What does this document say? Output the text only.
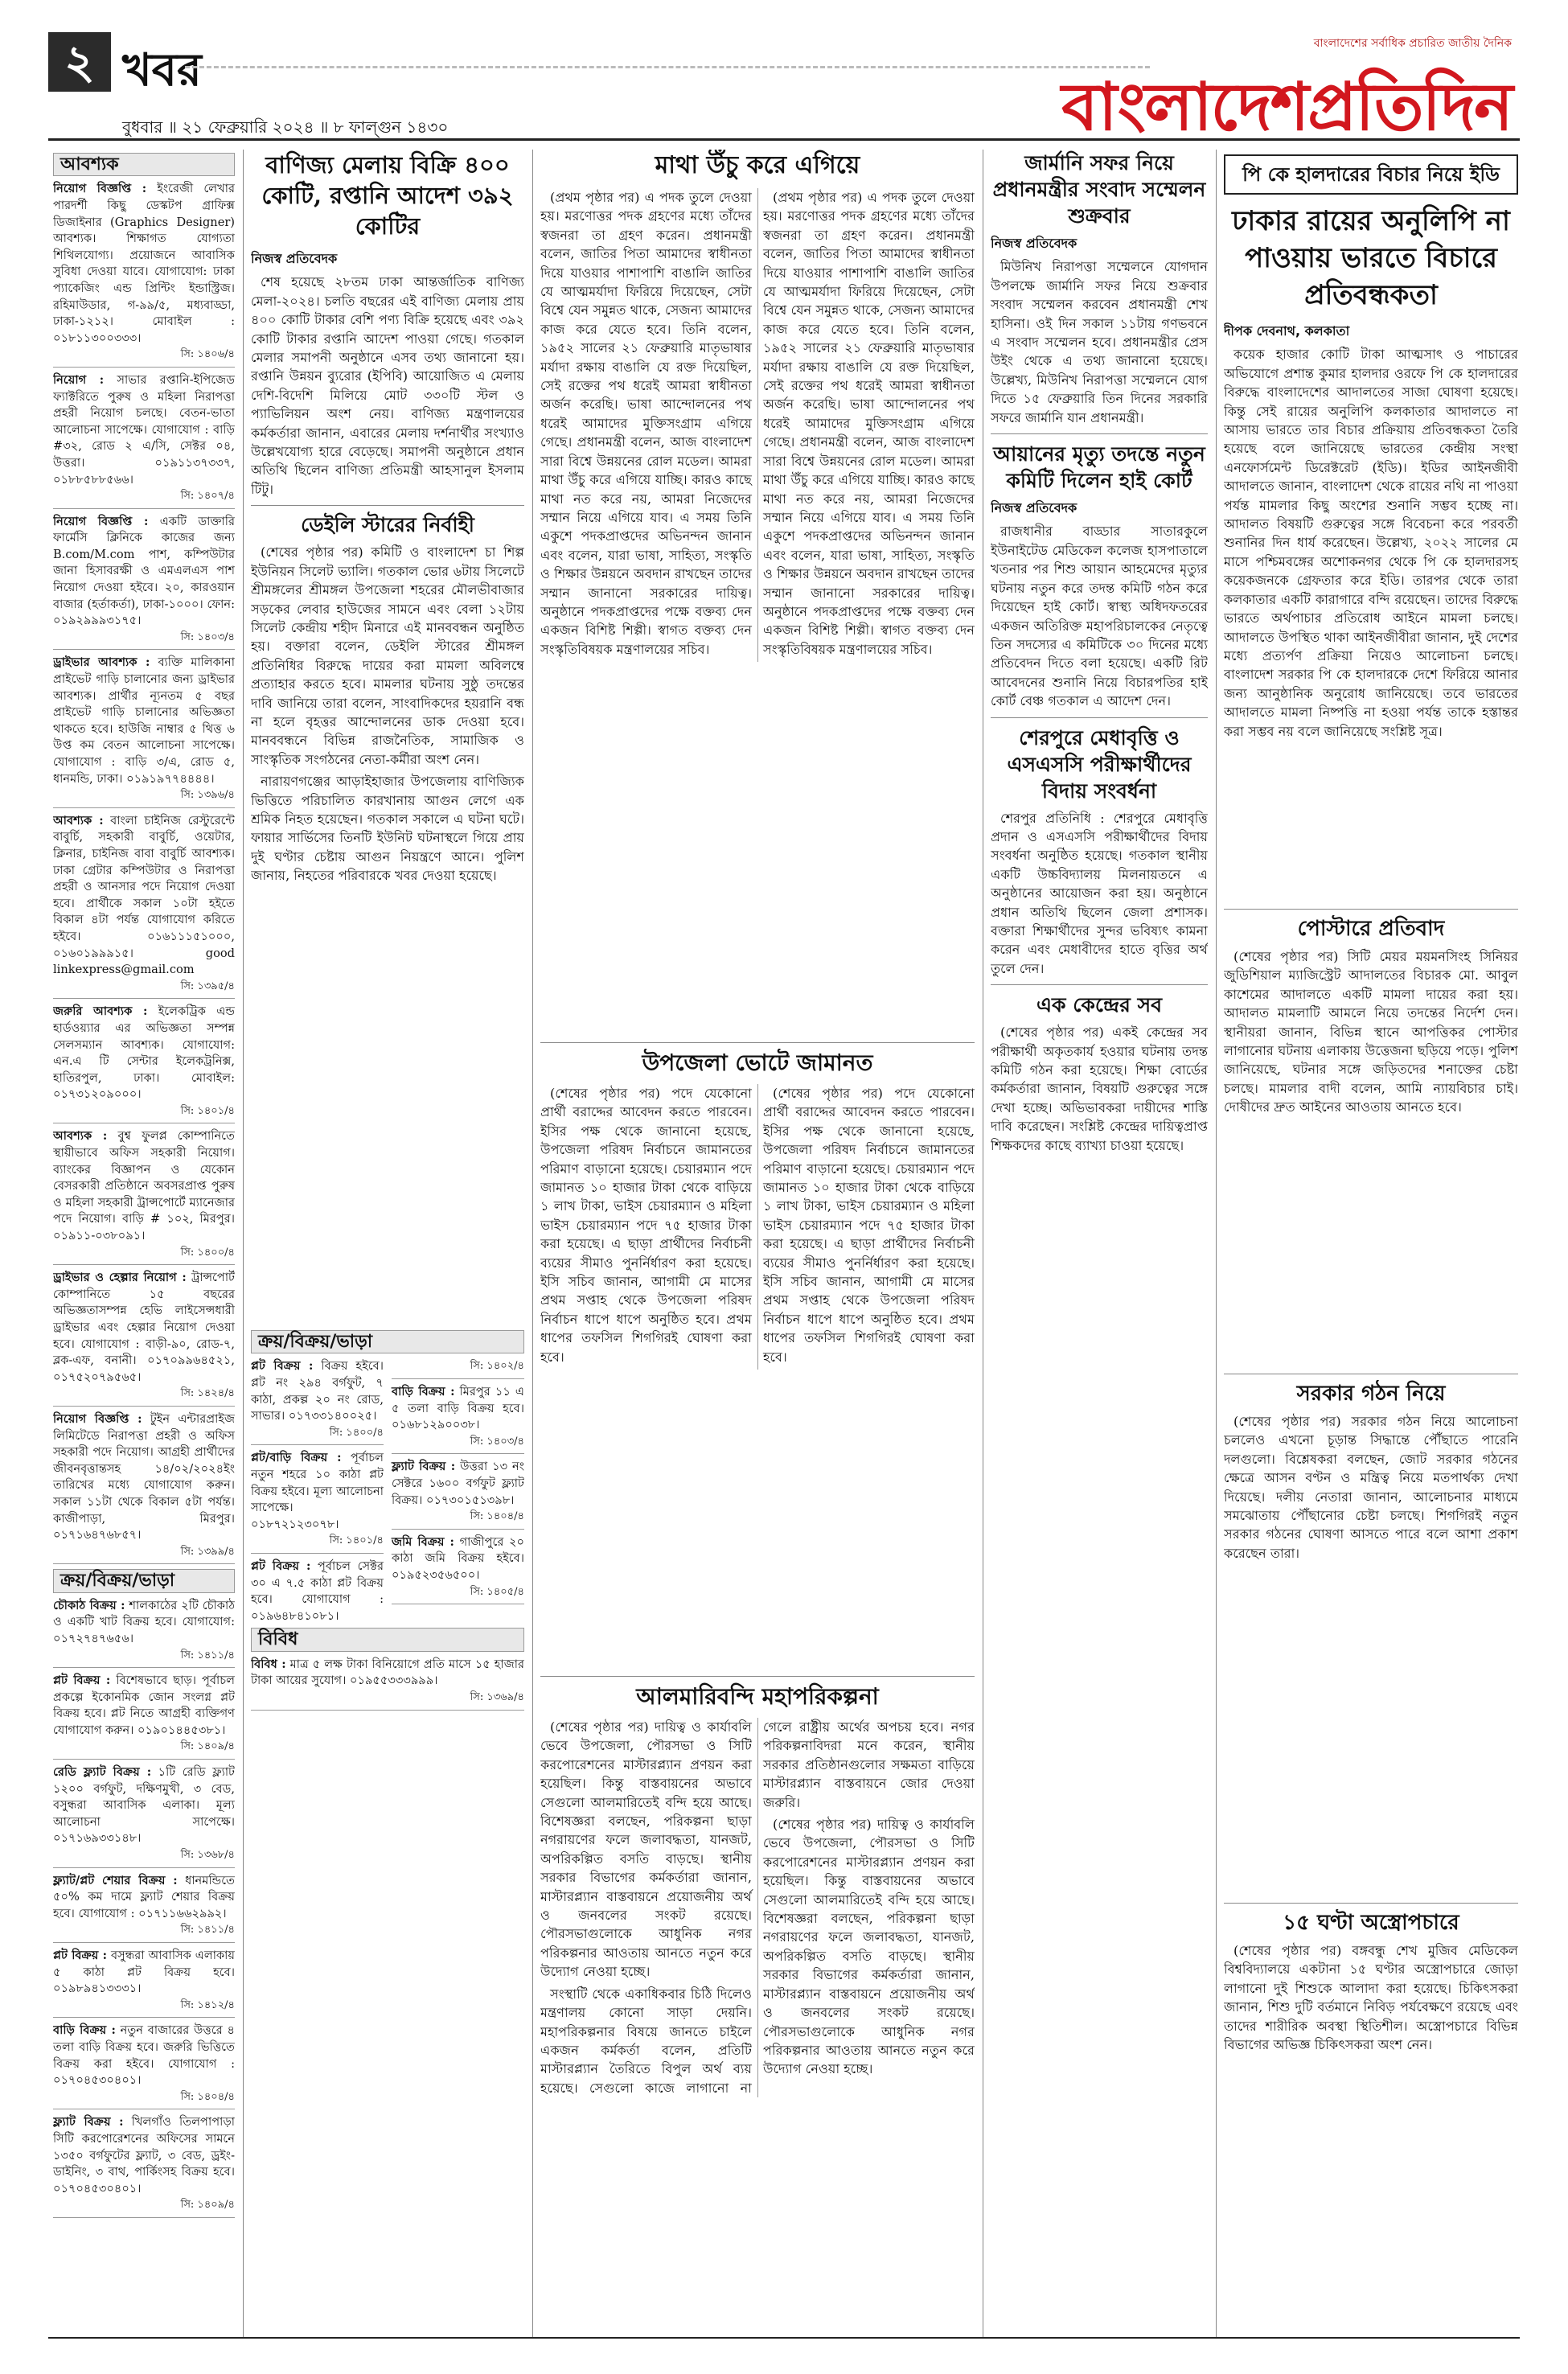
২ খবর
বুধবার ॥ ২১ ফেব্রুয়ারি ২০২৪ ॥ ৮ ফাল্গুন ১৪৩০
বাংলাদেশের সর্বাধিক প্রচারিত জাতীয় দৈনিক
বাংলাদেশপ্রতিদিন
আবশ্যক
নিয়োগ বিজ্ঞপ্তি : ইংরেজী লেখার পারদর্শী কিছু ডেস্কটপ গ্রাফিক্স ডিজাইনার (Graphics Designer) আবশ্যক। শিক্ষাগত যোগ্যতা শিথিলযোগ্য। প্রয়োজনে আবাসিক সুবিধা দেওয়া যাবে। যোগাযোগ: ঢাকা প্যাকেজিং এন্ড প্রিন্টিং ইন্ডাস্ট্রিজ। রহিমাউডার, গ-৯৯/৫, মধ্যবাড্ডা, ঢাকা-১২১২। মোবাইল : ০১৮১১৩০০৩৩৩।
সি: ১৪০৬/৪
নিয়োগ : সাভার রপ্তানি-ইপিজেড ফ্যাক্টরিতে পুরুষ ও মহিলা নিরাপত্তা প্রহরী নিয়োগ চলছে। বেতন-ভাতা আলোচনা সাপেক্ষে। যোগাযোগ : বাড়ি #৩২, রোড ২ এ/সি, সেক্টর ০৪, উত্তরা। ০১৯১১৩৭৩৩৭, ০১৮৮৫৮৮৫৬৬।
সি: ১৪০৭/৪
নিয়োগ বিজ্ঞপ্তি : একটি ডাক্তারি ফার্মেসি ক্লিনিকে কাজের জন্য B.com/M.com পাশ, কম্পিউটার জানা হিসাবরক্ষী ও এমএলএস পাশ নিয়োগ দেওয়া হইবে। ২০, কারওয়ান বাজার (হর্তাকর্তা), ঢাকা-১০০০। ফোন: ০১৯২৯৯৯৩১৭৫।
সি: ১৪০৩/৪
ড্রাইভার আবশ্যক : ব্যক্তি মালিকানা প্রাইভেট গাড়ি চালানোর জন্য ড্রাইভার আবশ্যক। প্রার্থীর ন্যূনতম ৫ বছর প্রাইভেট গাড়ি চালানোর অভিজ্ঞতা থাকতে হবে। হাউজি নাম্বার ৫ থিত্ত ৬ উপ্ত কম বেতন আলোচনা সাপেক্ষে। যোগাযোগ : বাড়ি ৩/এ, রোড ৫, ধানমন্ডি, ঢাকা। ০১৯১৯৭৭৪৪৪৪।
সি: ১৩৯৬/৪
আবশ্যক : বাংলা চাইনিজ রেস্টুরেন্টে বাবুর্চি, সহকারী বাবুর্চি, ওয়েটার, ক্লিনার, চাইনিজ বাবা বাবুর্চি আবশ্যক। ঢাকা গ্রেটার কম্পিউটার ও নিরাপত্তা প্রহরী ও আনসার পদে নিয়োগ দেওয়া হবে। প্রার্থীকে সকাল ১০টা হইতে বিকাল ৪টা পর্যন্ত যোগাযোগ করিতে হইবে। ০১৬১১১৫১০০০, ০১৬০১৯৯৯১৫। good linkexpress@gmail.com
সি: ১৩৯৫/৪
জরুরি আবশ্যক : ইলেকট্রিক এন্ড হার্ডওয়্যার এর অভিজ্ঞতা সম্পন্ন সেলসম্যান আবশ্যক। যোগাযোগ: এন.এ টি সেন্টার ইলেকট্রনিক্স, হাতিরপুল, ঢাকা। মোবাইল: ০১৭৩১২০৯০০০।
সি: ১৪০১/৪
আবশ্যক : বুশ্ব ফুলপ্ল কোম্পানিতে স্থায়ীভাবে অফিস সহকারী নিয়োগ। ব্যাংকের বিজ্ঞাপন ও যেকোন বেসরকারী প্রতিষ্ঠানে অবসরপ্রাপ্ত পুরুষ ও মহিলা সহকারী ট্রান্সপোর্টে ম্যানেজার পদে নিয়োগ। বাড়ি # ১০২, মিরপুর। ০১৯১১-০৩৮০৯১।
সি: ১৪০০/৪
ড্রাইভার ও হেল্পার নিয়োগ : ট্রান্সপোর্ট কোম্পানিতে ১৫ বছরের অভিজ্ঞতাসম্পন্ন হেভি লাইসেন্সধারী ড্রাইভার এবং হেল্পার নিয়োগ দেওয়া হবে। যোগাযোগ : বাড়ী-৯০, রোড-৭, ব্লক-এফ, বনানী। ০১৭০৯৯৬৪৫২১, ০১৭৫২০৭৯৫৬৫।
সি: ১৪২৪/৪
নিয়োগ বিজ্ঞপ্তি : টুইন এন্টারপ্রাইজ লিমিটেডে নিরাপত্তা প্রহরী ও অফিস সহকারী পদে নিয়োগ। আগ্রহী প্রার্থীদের জীবনবৃত্তান্তসহ ১৪/০২/২০২৪ইং তারিখের মধ্যে যোগাযোগ করুন। সকাল ১১টা থেকে বিকাল ৫টা পর্যন্ত। কাজীপাড়া, মিরপুর। ০১৭১৬৪৭৬৮৫৭।
সি: ১৩৯৯/৪
ক্রয়/বিক্রয়/ভাড়া
চৌকাঠ বিক্রয় : শালকাঠের ২টি চৌকাঠ ও একটি খাট বিক্রয় হবে। যোগাযোগ: ০১৭২৭৪৭৬৫৬।
সি: ১৪১১/৪
প্লট বিক্রয় : বিশেষভাবে ছাড়। পূর্বাচল প্রকল্পে ইকোনমিক জোন সংলগ্ন প্লট বিক্রয় হবে। প্লট নিতে আগ্রহী ব্যক্তিগণ যোগাযোগ করুন। ০১৯০১৪৪৫৩৮১।
সি: ১৪০৯/৪
রেডি ফ্ল্যাট বিক্রয় : ১টি রেডি ফ্ল্যাট ১২০০ বর্গফুট, দক্ষিণমুখী, ৩ বেড, বসুন্ধরা আবাসিক এলাকা। মূল্য আলোচনা সাপেক্ষে। ০১৭১৬৯৩৩১৪৮।
সি: ১৩৬৮/৪
ফ্ল্যাট/প্লট শেয়ার বিক্রয় : ধানমন্ডিতে ৫০% কম দামে ফ্ল্যাট শেয়ার বিক্রয় হবে। যোগাযোগ : ০১৭১১৬৬২৯৯২।
সি: ১৪১১/৪
প্লট বিক্রয় : বসুন্ধরা আবাসিক এলাকায় ৫ কাঠা প্লট বিক্রয় হবে। ০১৯৮৯৪১৩৩৩১।
সি: ১৪১২/৪
বাড়ি বিক্রয় : নতুন বাজারের উত্তরে ৪ তলা বাড়ি বিক্রয় হবে। জরুরি ভিত্তিতে বিক্রয় করা হইবে। যোগাযোগ : ০১৭০৪৫৩০৪০১।
সি: ১৪০৪/৪
ফ্ল্যাট বিক্রয় : খিলগাঁও তিলপাপাড়া সিটি করপোরেশনের অফিসের সামনে ১৩৫০ বর্গফুটের ফ্ল্যাট, ৩ বেড, ড্রইং-ডাইনিং, ৩ বাথ, পার্কিংসহ বিক্রয় হবে। ০১৭০৪৫৩০৪০১।
সি: ১৪০৯/৪
বাণিজ্য মেলায় বিক্রি ৪০০ কোটি, রপ্তানি আদেশ ৩৯২ কোটির
নিজস্ব প্রতিবেদক

শেষ হয়েছে ২৮তম ঢাকা আন্তর্জাতিক বাণিজ্য মেলা-২০২৪। চলতি বছরের এই বাণিজ্য মেলায় প্রায় ৪০০ কোটি টাকার বেশি পণ্য বিক্রি হয়েছে এবং ৩৯২ কোটি টাকার রপ্তানি আদেশ পাওয়া গেছে। গতকাল মেলার সমাপনী অনুষ্ঠানে এসব তথ্য জানানো হয়। রপ্তানি উন্নয়ন ব্যুরোর (ইপিবি) আয়োজিত এ মেলায় দেশি-বিদেশি মিলিয়ে মোট ৩৩০টি স্টল ও প্যাভিলিয়ন অংশ নেয়। বাণিজ্য মন্ত্রণালয়ের কর্মকর্তারা জানান, এবারের মেলায় দর্শনার্থীর সংখ্যাও উল্লেখযোগ্য হারে বেড়েছে। সমাপনী অনুষ্ঠানে প্রধান অতিথি ছিলেন বাণিজ্য প্রতিমন্ত্রী আহসানুল ইসলাম টিটু।

ডেইলি স্টারের নির্বাহী

(শেষের পৃষ্ঠার পর) কমিটি ও বাংলাদেশ চা শিল্প ইউনিয়ন সিলেট ভ্যালি। গতকাল ভোর ৬টায় সিলেটে শ্রীমঙ্গলের শ্রীমঙ্গল উপজেলা শহরের মৌলভীবাজার সড়কের লেবার হাউজের সামনে এবং বেলা ১২টায় সিলেট কেন্দ্রীয় শহীদ মিনারে এই মানববন্ধন অনুষ্ঠিত হয়। বক্তারা বলেন, ডেইলি স্টারের শ্রীমঙ্গল প্রতিনিধির বিরুদ্ধে দায়ের করা মামলা অবিলম্বে প্রত্যাহার করতে হবে। মামলার ঘটনায় সুষ্ঠু তদন্তের দাবি জানিয়ে তারা বলেন, সাংবাদিকদের হয়রানি বন্ধ না হলে বৃহত্তর আন্দোলনের ডাক দেওয়া হবে। মানববন্ধনে বিভিন্ন রাজনৈতিক, সামাজিক ও সাংস্কৃতিক সংগঠনের নেতা-কর্মীরা অংশ নেন।

নারায়ণগঞ্জের আড়াইহাজার উপজেলায় বাণিজ্যিক ভিত্তিতে পরিচালিত কারখানায় আগুন লেগে এক শ্রমিক নিহত হয়েছেন। গতকাল সকালে এ ঘটনা ঘটে। ফায়ার সার্ভিসের তিনটি ইউনিট ঘটনাস্থলে গিয়ে প্রায় দুই ঘণ্টার চেষ্টায় আগুন নিয়ন্ত্রণে আনে। পুলিশ জানায়, নিহতের পরিবারকে খবর দেওয়া হয়েছে।

ক্রয়/বিক্রয়/ভাড়া
প্লট বিক্রয় : বিক্রয় হইবে। প্লট নং ২৯৪ বর্গফুট, ৭ কাঠা, প্রকল্প ২০ নং রোড, সাভার। ০১৭৩৩১৪০০২৫।
সি: ১৪০০/৪
প্লট/বাড়ি বিক্রয় : পূর্বাচল নতুন শহরে ১০ কাঠা প্লট বিক্রয় হইবে। মূল্য আলোচনা সাপেক্ষে। ০১৮৭২১২৩০৭৮।
সি: ১৪০১/৪
প্লট বিক্রয় : পূর্বাচল সেক্টর ৩০ এ ৭.৫ কাঠা প্লট বিক্রয় হবে। যোগাযোগ : ০১৯৬৪৮৪১০৮১।
সি: ১৪০২/৪
বাড়ি বিক্রয় : মিরপুর ১১ এ ৫ তলা বাড়ি বিক্রয় হবে। ০১৬৮১২৯০০৩৮।
সি: ১৪০৩/৪
ফ্ল্যাট বিক্রয় : উত্তরা ১৩ নং সেক্টরে ১৬০০ বর্গফুট ফ্ল্যাট বিক্রয়। ০১৭৩০১৫১৩৯৮।
সি: ১৪০৪/৪
জমি বিক্রয় : গাজীপুরে ২০ কাঠা জমি বিক্রয় হইবে। ০১৯৫২৩৫৬৫০০।
সি: ১৪০৫/৪
বিবিধ
বিবিধ : মাত্র ৫ লক্ষ টাকা বিনিয়োগে প্রতি মাসে ১৫ হাজার টাকা আয়ের সুযোগ। ০১৯৫৫৩৩৩৯৯৯।
সি: ১৩৬৯/৪
মাথা উঁচু করে এগিয়ে

(প্রথম পৃষ্ঠার পর) এ পদক তুলে দেওয়া হয়। মরণোত্তর পদক গ্রহণের মধ্যে তাঁদের স্বজনরা তা গ্রহণ করেন। প্রধানমন্ত্রী বলেন, জাতির পিতা আমাদের স্বাধীনতা দিয়ে যাওয়ার পাশাপাশি বাঙালি জাতির যে আত্মমর্যাদা ফিরিয়ে দিয়েছেন, সেটা বিশ্বে যেন সমুন্নত থাকে, সেজন্য আমাদের কাজ করে যেতে হবে। তিনি বলেন, ১৯৫২ সালের ২১ ফেব্রুয়ারি মাতৃভাষার মর্যাদা রক্ষায় বাঙালি যে রক্ত দিয়েছিল, সেই রক্তের পথ ধরেই আমরা স্বাধীনতা অর্জন করেছি। ভাষা আন্দোলনের পথ ধরেই আমাদের মুক্তিসংগ্রাম এগিয়ে গেছে। প্রধানমন্ত্রী বলেন, আজ বাংলাদেশ সারা বিশ্বে উন্নয়নের রোল মডেল। আমরা মাথা উঁচু করে এগিয়ে যাচ্ছি। কারও কাছে মাথা নত করে নয়, আমরা নিজেদের সম্মান নিয়ে এগিয়ে যাব। এ সময় তিনি একুশে পদকপ্রাপ্তদের অভিনন্দন জানান এবং বলেন, যারা ভাষা, সাহিত্য, সংস্কৃতি ও শিক্ষার উন্নয়নে অবদান রাখছেন তাদের সম্মান জানানো সরকারের দায়িত্ব। অনুষ্ঠানে পদকপ্রাপ্তদের পক্ষে বক্তব্য দেন একজন বিশিষ্ট শিল্পী। স্বাগত বক্তব্য দেন সংস্কৃতিবিষয়ক মন্ত্রণালয়ের সচিব।

(প্রথম পৃষ্ঠার পর) এ পদক তুলে দেওয়া হয়। মরণোত্তর পদক গ্রহণের মধ্যে তাঁদের স্বজনরা তা গ্রহণ করেন। প্রধানমন্ত্রী বলেন, জাতির পিতা আমাদের স্বাধীনতা দিয়ে যাওয়ার পাশাপাশি বাঙালি জাতির যে আত্মমর্যাদা ফিরিয়ে দিয়েছেন, সেটা বিশ্বে যেন সমুন্নত থাকে, সেজন্য আমাদের কাজ করে যেতে হবে। তিনি বলেন, ১৯৫২ সালের ২১ ফেব্রুয়ারি মাতৃভাষার মর্যাদা রক্ষায় বাঙালি যে রক্ত দিয়েছিল, সেই রক্তের পথ ধরেই আমরা স্বাধীনতা অর্জন করেছি। ভাষা আন্দোলনের পথ ধরেই আমাদের মুক্তিসংগ্রাম এগিয়ে গেছে। প্রধানমন্ত্রী বলেন, আজ বাংলাদেশ সারা বিশ্বে উন্নয়নের রোল মডেল। আমরা মাথা উঁচু করে এগিয়ে যাচ্ছি। কারও কাছে মাথা নত করে নয়, আমরা নিজেদের সম্মান নিয়ে এগিয়ে যাব। এ সময় তিনি একুশে পদকপ্রাপ্তদের অভিনন্দন জানান এবং বলেন, যারা ভাষা, সাহিত্য, সংস্কৃতি ও শিক্ষার উন্নয়নে অবদান রাখছেন তাদের সম্মান জানানো সরকারের দায়িত্ব। অনুষ্ঠানে পদকপ্রাপ্তদের পক্ষে বক্তব্য দেন একজন বিশিষ্ট শিল্পী। স্বাগত বক্তব্য দেন সংস্কৃতিবিষয়ক মন্ত্রণালয়ের সচিব।

উপজেলা ভোটে জামানত

(শেষের পৃষ্ঠার পর) পদে যেকোনো প্রার্থী বরাদ্দের আবেদন করতে পারবেন। ইসির পক্ষ থেকে জানানো হয়েছে, উপজেলা পরিষদ নির্বাচনে জামানতের পরিমাণ বাড়ানো হয়েছে। চেয়ারম্যান পদে জামানত ১০ হাজার টাকা থেকে বাড়িয়ে ১ লাখ টাকা, ভাইস চেয়ারম্যান ও মহিলা ভাইস চেয়ারম্যান পদে ৭৫ হাজার টাকা করা হয়েছে। এ ছাড়া প্রার্থীদের নির্বাচনী ব্যয়ের সীমাও পুনর্নির্ধারণ করা হয়েছে। ইসি সচিব জানান, আগামী মে মাসের প্রথম সপ্তাহ থেকে উপজেলা পরিষদ নির্বাচন ধাপে ধাপে অনুষ্ঠিত হবে। প্রথম ধাপের তফসিল শিগগিরই ঘোষণা করা হবে।

(শেষের পৃষ্ঠার পর) পদে যেকোনো প্রার্থী বরাদ্দের আবেদন করতে পারবেন। ইসির পক্ষ থেকে জানানো হয়েছে, উপজেলা পরিষদ নির্বাচনে জামানতের পরিমাণ বাড়ানো হয়েছে। চেয়ারম্যান পদে জামানত ১০ হাজার টাকা থেকে বাড়িয়ে ১ লাখ টাকা, ভাইস চেয়ারম্যান ও মহিলা ভাইস চেয়ারম্যান পদে ৭৫ হাজার টাকা করা হয়েছে। এ ছাড়া প্রার্থীদের নির্বাচনী ব্যয়ের সীমাও পুনর্নির্ধারণ করা হয়েছে। ইসি সচিব জানান, আগামী মে মাসের প্রথম সপ্তাহ থেকে উপজেলা পরিষদ নির্বাচন ধাপে ধাপে অনুষ্ঠিত হবে। প্রথম ধাপের তফসিল শিগগিরই ঘোষণা করা হবে।

আলমারিবন্দি মহাপরিকল্পনা

(শেষের পৃষ্ঠার পর) দায়িত্ব ও কার্যাবলি ভেবে উপজেলা, পৌরসভা ও সিটি করপোরেশনের মাস্টারপ্ল্যান প্রণয়ন করা হয়েছিল। কিন্তু বাস্তবায়নের অভাবে সেগুলো আলমারিতেই বন্দি হয়ে আছে। বিশেষজ্ঞরা বলছেন, পরিকল্পনা ছাড়া নগরায়ণের ফলে জলাবদ্ধতা, যানজট, অপরিকল্পিত বসতি বাড়ছে। স্থানীয় সরকার বিভাগের কর্মকর্তারা জানান, মাস্টারপ্ল্যান বাস্তবায়নে প্রয়োজনীয় অর্থ ও জনবলের সংকট রয়েছে। পৌরসভাগুলোকে আধুনিক নগর পরিকল্পনার আওতায় আনতে নতুন করে উদ্যোগ নেওয়া হচ্ছে।

সংস্থাটি থেকে একাধিকবার চিঠি দিলেও মন্ত্রণালয় কোনো সাড়া দেয়নি। মহাপরিকল্পনার বিষয়ে জানতে চাইলে একজন কর্মকর্তা বলেন, প্রতিটি মাস্টারপ্ল্যান তৈরিতে বিপুল অর্থ ব্যয় হয়েছে। সেগুলো কাজে লাগানো না গেলে রাষ্ট্রীয় অর্থের অপচয় হবে। নগর পরিকল্পনাবিদরা মনে করেন, স্থানীয় সরকার প্রতিষ্ঠানগুলোর সক্ষমতা বাড়িয়ে মাস্টারপ্ল্যান বাস্তবায়নে জোর দেওয়া জরুরি।

(শেষের পৃষ্ঠার পর) দায়িত্ব ও কার্যাবলি ভেবে উপজেলা, পৌরসভা ও সিটি করপোরেশনের মাস্টারপ্ল্যান প্রণয়ন করা হয়েছিল। কিন্তু বাস্তবায়নের অভাবে সেগুলো আলমারিতেই বন্দি হয়ে আছে। বিশেষজ্ঞরা বলছেন, পরিকল্পনা ছাড়া নগরায়ণের ফলে জলাবদ্ধতা, যানজট, অপরিকল্পিত বসতি বাড়ছে। স্থানীয় সরকার বিভাগের কর্মকর্তারা জানান, মাস্টারপ্ল্যান বাস্তবায়নে প্রয়োজনীয় অর্থ ও জনবলের সংকট রয়েছে। পৌরসভাগুলোকে আধুনিক নগর পরিকল্পনার আওতায় আনতে নতুন করে উদ্যোগ নেওয়া হচ্ছে।

জার্মানি সফর নিয়ে প্রধানমন্ত্রীর সংবাদ সম্মেলন শুক্রবার
নিজস্ব প্রতিবেদক

মিউনিখ নিরাপত্তা সম্মেলনে যোগদান উপলক্ষে জার্মানি সফর নিয়ে শুক্রবার সংবাদ সম্মেলন করবেন প্রধানমন্ত্রী শেখ হাসিনা। ওই দিন সকাল ১১টায় গণভবনে এ সংবাদ সম্মেলন হবে। প্রধানমন্ত্রীর প্রেস উইং থেকে এ তথ্য জানানো হয়েছে। উল্লেখ্য, মিউনিখ নিরাপত্তা সম্মেলনে যোগ দিতে ১৫ ফেব্রুয়ারি তিন দিনের সরকারি সফরে জার্মানি যান প্রধানমন্ত্রী।

আয়ানের মৃত্যু তদন্তে নতুন কমিটি দিলেন হাই কোর্ট
নিজস্ব প্রতিবেদক

রাজধানীর বাড্ডার সাতারকুলে ইউনাইটেড মেডিকেল কলেজ হাসপাতালে খতনার পর শিশু আয়ান আহমেদের মৃত্যুর ঘটনায় নতুন করে তদন্ত কমিটি গঠন করে দিয়েছেন হাই কোর্ট। স্বাস্থ্য অধিদফতরের একজন অতিরিক্ত মহাপরিচালকের নেতৃত্বে তিন সদস্যের এ কমিটিকে ৩০ দিনের মধ্যে প্রতিবেদন দিতে বলা হয়েছে। একটি রিট আবেদনের শুনানি নিয়ে বিচারপতির হাই কোর্ট বেঞ্চ গতকাল এ আদেশ দেন।

শেরপুরে মেধাবৃত্তি ও এসএসসি পরীক্ষার্থীদের বিদায় সংবর্ধনা

শেরপুর প্রতিনিধি : শেরপুরে মেধাবৃত্তি প্রদান ও এসএসসি পরীক্ষার্থীদের বিদায় সংবর্ধনা অনুষ্ঠিত হয়েছে। গতকাল স্থানীয় একটি উচ্চবিদ্যালয় মিলনায়তনে এ অনুষ্ঠানের আয়োজন করা হয়। অনুষ্ঠানে প্রধান অতিথি ছিলেন জেলা প্রশাসক। বক্তারা শিক্ষার্থীদের সুন্দর ভবিষ্যৎ কামনা করেন এবং মেধাবীদের হাতে বৃত্তির অর্থ তুলে দেন।

এক কেন্দ্রের সব

(শেষের পৃষ্ঠার পর) একই কেন্দ্রের সব পরীক্ষার্থী অকৃতকার্য হওয়ার ঘটনায় তদন্ত কমিটি গঠন করা হয়েছে। শিক্ষা বোর্ডের কর্মকর্তারা জানান, বিষয়টি গুরুত্বের সঙ্গে দেখা হচ্ছে। অভিভাবকরা দায়ীদের শাস্তি দাবি করেছেন। সংশ্লিষ্ট কেন্দ্রের দায়িত্বপ্রাপ্ত শিক্ষকদের কাছে ব্যাখ্যা চাওয়া হয়েছে।

পি কে হালদারের বিচার নিয়ে ইডি
ঢাকার রায়ের অনুলিপি না পাওয়ায় ভারতে বিচারে প্রতিবন্ধকতা
দীপক দেবনাথ, কলকাতা

কয়েক হাজার কোটি টাকা আত্মসাৎ ও পাচারের অভিযোগে প্রশান্ত কুমার হালদার ওরফে পি কে হালদারের বিরুদ্ধে বাংলাদেশের আদালতের সাজা ঘোষণা হয়েছে। কিন্তু সেই রায়ের অনুলিপি কলকাতার আদালতে না আসায় ভারতে তার বিচার প্রক্রিয়ায় প্রতিবন্ধকতা তৈরি হয়েছে বলে জানিয়েছে ভারতের কেন্দ্রীয় সংস্থা এনফোর্সমেন্ট ডিরেক্টরেট (ইডি)। ইডির আইনজীবী আদালতে জানান, বাংলাদেশ থেকে রায়ের নথি না পাওয়া পর্যন্ত মামলার কিছু অংশের শুনানি সম্ভব হচ্ছে না। আদালত বিষয়টি গুরুত্বের সঙ্গে বিবেচনা করে পরবর্তী শুনানির দিন ধার্য করেছেন। উল্লেখ্য, ২০২২ সালের মে মাসে পশ্চিমবঙ্গের অশোকনগর থেকে পি কে হালদারসহ কয়েকজনকে গ্রেফতার করে ইডি। তারপর থেকে তারা কলকাতার একটি কারাগারে বন্দি রয়েছেন। তাদের বিরুদ্ধে ভারতে অর্থপাচার প্রতিরোধ আইনে মামলা চলছে। আদালতে উপস্থিত থাকা আইনজীবীরা জানান, দুই দেশের মধ্যে প্রত্যর্পণ প্রক্রিয়া নিয়েও আলোচনা চলছে। বাংলাদেশ সরকার পি কে হালদারকে দেশে ফিরিয়ে আনার জন্য আনুষ্ঠানিক অনুরোধ জানিয়েছে। তবে ভারতের আদালতে মামলা নিষ্পত্তি না হওয়া পর্যন্ত তাকে হস্তান্তর করা সম্ভব নয় বলে জানিয়েছে সংশ্লিষ্ট সূত্র।

পোস্টারে প্রতিবাদ

(শেষের পৃষ্ঠার পর) সিটি মেয়র ময়মনসিংহ সিনিয়র জুডিশিয়াল ম্যাজিস্ট্রেট আদালতের বিচারক মো. আবুল কাশেমের আদালতে একটি মামলা দায়ের করা হয়। আদালত মামলাটি আমলে নিয়ে তদন্তের নির্দেশ দেন। স্থানীয়রা জানান, বিভিন্ন স্থানে আপত্তিকর পোস্টার লাগানোর ঘটনায় এলাকায় উত্তেজনা ছড়িয়ে পড়ে। পুলিশ জানিয়েছে, ঘটনার সঙ্গে জড়িতদের শনাক্তের চেষ্টা চলছে। মামলার বাদী বলেন, আমি ন্যায়বিচার চাই। দোষীদের দ্রুত আইনের আওতায় আনতে হবে।

সরকার গঠন নিয়ে

(শেষের পৃষ্ঠার পর) সরকার গঠন নিয়ে আলোচনা চললেও এখনো চূড়ান্ত সিদ্ধান্তে পৌঁছাতে পারেনি দলগুলো। বিশ্লেষকরা বলছেন, জোট সরকার গঠনের ক্ষেত্রে আসন বণ্টন ও মন্ত্রিত্ব নিয়ে মতপার্থক্য দেখা দিয়েছে। দলীয় নেতারা জানান, আলোচনার মাধ্যমে সমঝোতায় পৌঁছানোর চেষ্টা চলছে। শিগগিরই নতুন সরকার গঠনের ঘোষণা আসতে পারে বলে আশা প্রকাশ করেছেন তারা।

১৫ ঘণ্টা অস্ত্রোপচারে

(শেষের পৃষ্ঠার পর) বঙ্গবন্ধু শেখ মুজিব মেডিকেল বিশ্ববিদ্যালয়ে একটানা ১৫ ঘণ্টার অস্ত্রোপচারে জোড়া লাগানো দুই শিশুকে আলাদা করা হয়েছে। চিকিৎসকরা জানান, শিশু দুটি বর্তমানে নিবিড় পর্যবেক্ষণে রয়েছে এবং তাদের শারীরিক অবস্থা স্থিতিশীল। অস্ত্রোপচারে বিভিন্ন বিভাগের অভিজ্ঞ চিকিৎসকরা অংশ নেন।
